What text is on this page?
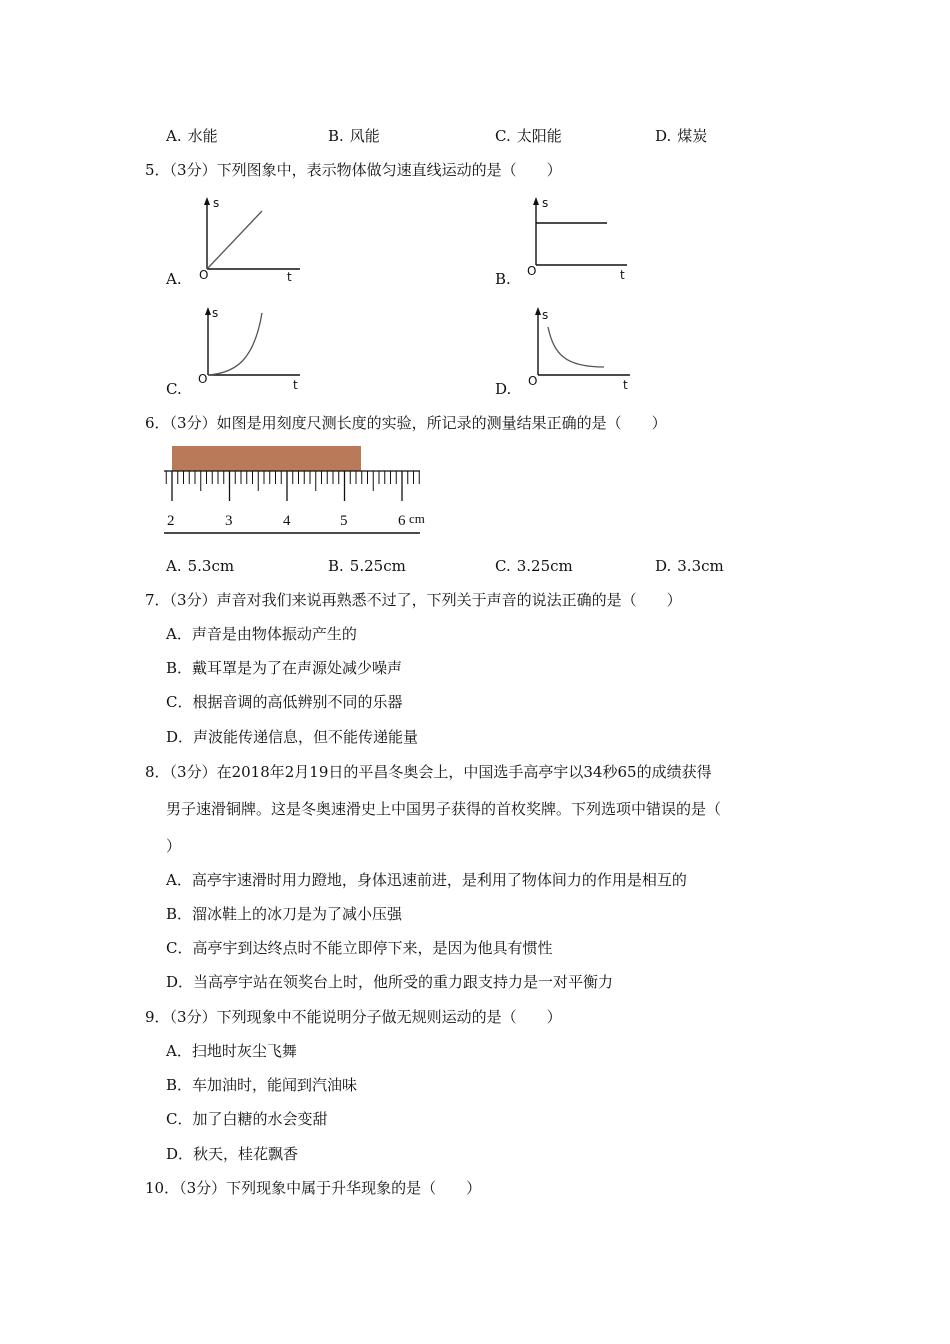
A. 水能	B. 风能	C. 太阳能	D. 煤炭
5．（3分）下列图象中，表示物体做匀速直线运动的是（　　）
A.
s
t
O	B.
s
t
O
C.
s
t
O
D.
s
t
O
6．（3分）如图是用刻度尺测长度的实验，所记录的测量结果正确的是（　　）
2	3	4	5	6 cm
A. 5.3cm	B. 5.25cm	C. 3.25cm	D. 3.3cm
7．（3分）声音对我们来说再熟悉不过了，下列关于声音的说法正确的是（　　）
A．声音是由物体振动产生的
B．戴耳罩是为了在声源处减少噪声
C．根据音调的高低辨别不同的乐器
D．声波能传递信息，但不能传递能量
8．（3分）在2018年2月19日的平昌冬奥会上，中国选手高亭宇以34秒65的成绩获得
男子速滑铜牌。这是冬奥速滑史上中国男子获得的首枚奖牌。下列选项中错误的是（
）
A．高亭宇速滑时用力蹬地，身体迅速前进，是利用了物体间力的作用是相互的
B．溜冰鞋上的冰刀是为了减小压强
C．高亭宇到达终点时不能立即停下来，是因为他具有惯性
D．当高亭宇站在领奖台上时，他所受的重力跟支持力是一对平衡力
9．（3分）下列现象中不能说明分子做无规则运动的是（　　）
A．扫地时灰尘飞舞
B．车加油时，能闻到汽油味
C．加了白糖的水会变甜
D．秋天，桂花飘香
10．（3分）下列现象中属于升华现象的是（　　）
